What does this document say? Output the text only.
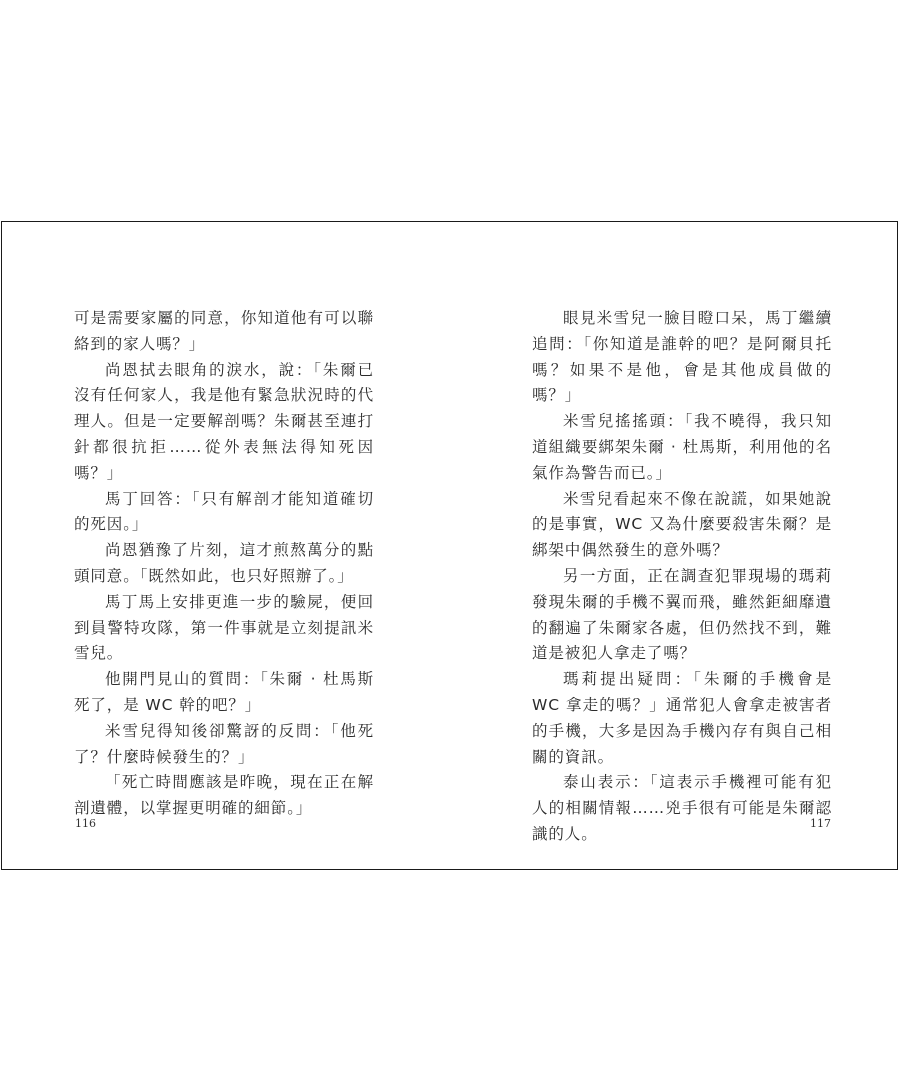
可是需要家屬的同意，你知道他有可以聯絡到的家人嗎？」

尚恩拭去眼角的淚水，說：「朱爾已沒有任何家人，我是他有緊急狀況時的代理人。但是一定要解剖嗎？朱爾甚至連打針都很抗拒……從外表無法得知死因嗎？」

馬丁回答：「只有解剖才能知道確切的死因。」

尚恩猶豫了片刻，這才煎熬萬分的點頭同意。「既然如此，也只好照辦了。」

馬丁馬上安排更進一步的驗屍，便回到員警特攻隊，第一件事就是立刻提訊米雪兒。

他開門見山的質問：「朱爾 · 杜馬斯死了，是 WC 幹的吧？」

米雪兒得知後卻驚訝的反問：「他死了？什麼時候發生的？」

「死亡時間應該是昨晚，現在正在解剖遺體，以掌握更明確的細節。」

眼見米雪兒一臉目瞪口呆，馬丁繼續追問：「你知道是誰幹的吧？是阿爾貝托嗎？如果不是他，會是其他成員做的嗎？」

米雪兒搖搖頭：「我不曉得，我只知道組織要綁架朱爾 · 杜馬斯，利用他的名氣作為警告而已。」

米雪兒看起來不像在說謊，如果她說的是事實，WC 又為什麼要殺害朱爾？是綁架中偶然發生的意外嗎？

另一方面，正在調查犯罪現場的瑪莉發現朱爾的手機不翼而飛，雖然鉅細靡遺的翻遍了朱爾家各處，但仍然找不到，難道是被犯人拿走了嗎？

瑪莉提出疑問：「朱爾的手機會是 WC 拿走的嗎？」通常犯人會拿走被害者的手機，大多是因為手機內存有與自己相關的資訊。

泰山表示：「這表示手機裡可能有犯人的相關情報……兇手很有可能是朱爾認識的人。

116	117
